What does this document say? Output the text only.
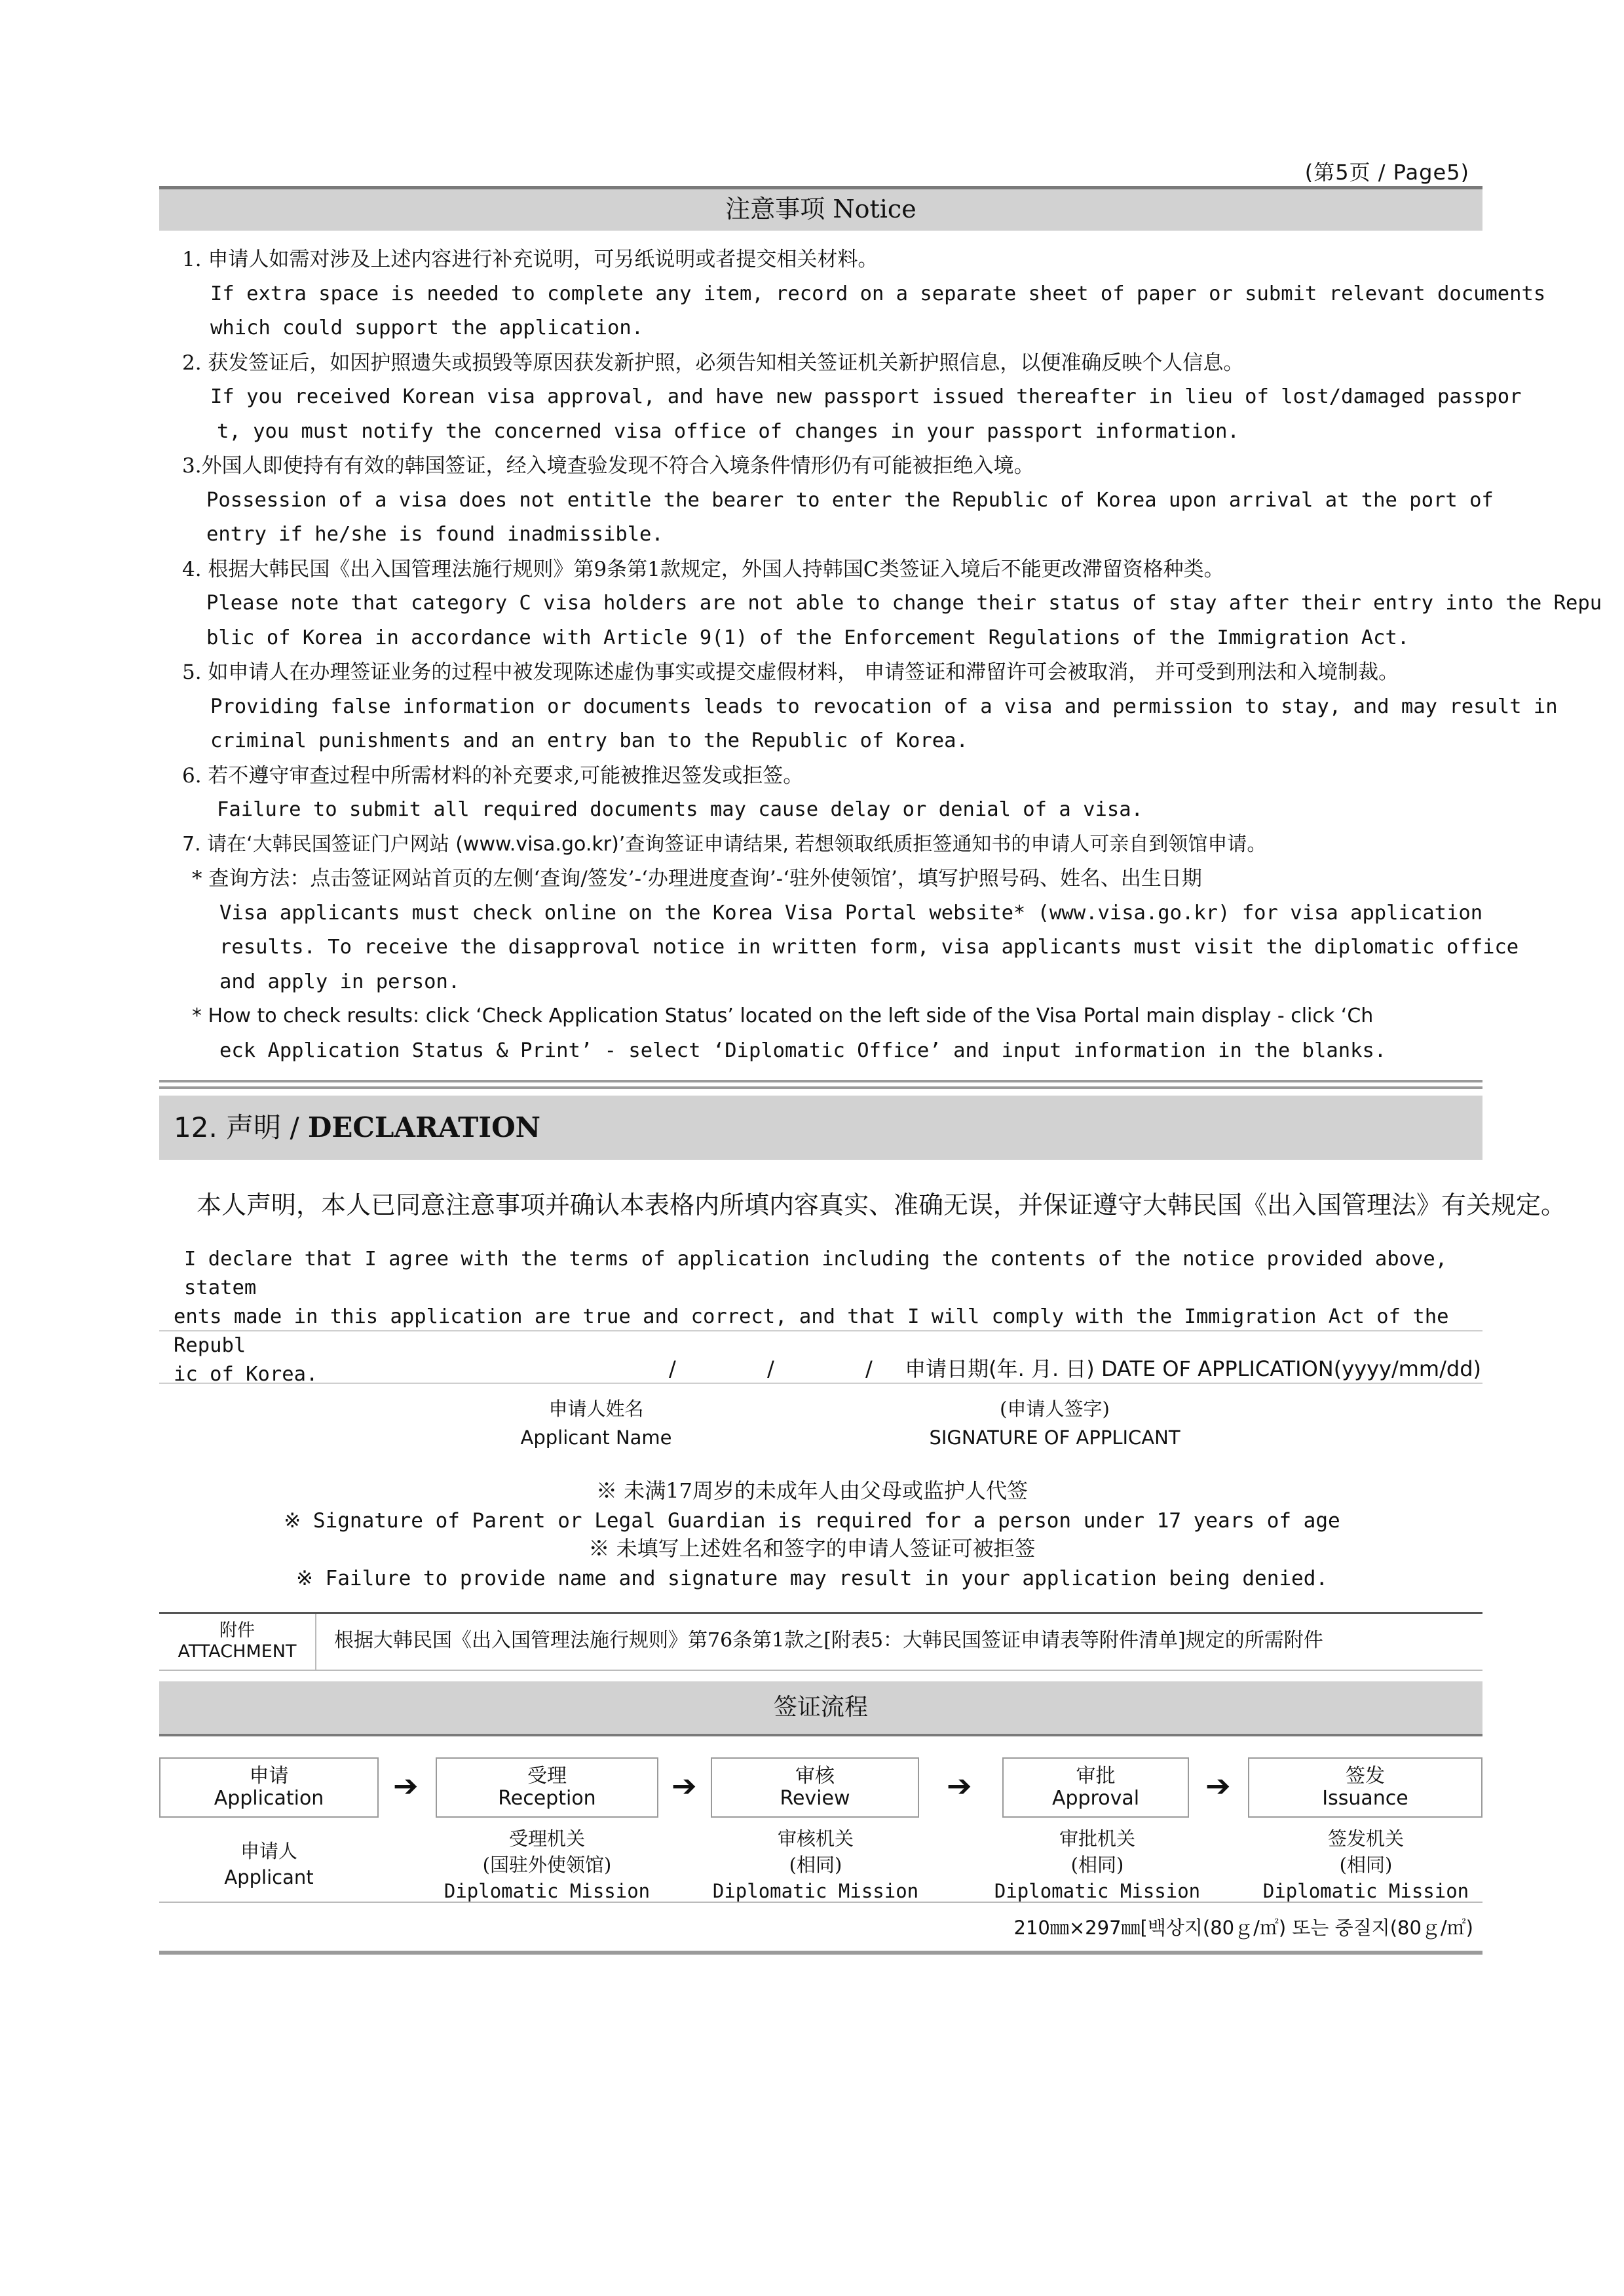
(第5页 / Page5)
注意事项 Notice
1. 申请人如需对涉及上述内容进行补充说明，可另纸说明或者提交相关材料。
If extra space is needed to complete any item, record on a separate sheet of paper or submit relevant documents
which could support the application.
2. 获发签证后，如因护照遗失或损毁等原因获发新护照，必须告知相关签证机关新护照信息，以便准确反映个人信息。
If you received Korean visa approval, and have new passport issued thereafter in lieu of lost/damaged passpor
t, you must notify the concerned visa office of changes in your passport information.
3.外国人即使持有有效的韩国签证，经入境查验发现不符合入境条件情形仍有可能被拒绝入境。
Possession of a visa does not entitle the bearer to enter the Republic of Korea upon arrival at the port of
entry if he/she is found inadmissible.
4. 根据大韩民国《出入国管理法施行规则》第9条第1款规定，外国人持韩国C类签证入境后不能更改滞留资格种类。
Please note that category C visa holders are not able to change their status of stay after their entry into the Repu
blic of Korea in accordance with Article 9(1) of the Enforcement Regulations of the Immigration Act.
5. 如申请人在办理签证业务的过程中被发现陈述虚伪事实或提交虚假材料， 申请签证和滞留许可会被取消， 并可受到刑法和入境制裁。
Providing false information or documents leads to revocation of a visa and permission to stay, and may result in
criminal punishments and an entry ban to the Republic of Korea.
6. 若不遵守审查过程中所需材料的补充要求,可能被推迟签发或拒签。
Failure to submit all required documents may cause delay or denial of a visa.
7. 请在‘大韩民国签证门户网站 (www.visa.go.kr)’查询签证申请结果, 若想领取纸质拒签通知书的申请人可亲自到领馆申请。
* 查询方法：点击签证网站首页的左侧‘查询/签发’-‘办理进度查询’-‘驻外使领馆’，填写护照号码、姓名、出生日期
Visa applicants must check online on the Korea Visa Portal website* (www.visa.go.kr) for visa application
results. To receive the disapproval notice in written form, visa applicants must visit the diplomatic office
and apply in person.
* How to check results: click ‘Check Application Status’ located on the left side of the Visa Portal main display - click ‘Ch
eck Application Status & Print’ - select ‘Diplomatic Office’ and input information in the blanks.
12. 声明 / DECLARATION
本人声明，本人已同意注意事项并确认本表格内所填内容真实、准确无误，并保证遵守大韩民国《出入国管理法》有关规定。
I declare that I agree with the terms of application including the contents of the notice provided above, statem
ents made in this application are true and correct, and that I will comply with the Immigration Act of the Republ
ic of Korea.	/	/	/ 申请日期(年. 月. 日) DATE OF APPLICATION(yyyy/mm/dd)
申请人姓名
Applicant Name
(申请人签字)
SIGNATURE OF APPLICANT
※ 未满17周岁的未成年人由父母或监护人代签
※ Signature of Parent or Legal Guardian is required for a person under 17 years of age
※ 未填写上述姓名和签字的申请人签证可被拒签
※ Failure to provide name and signature may result in your application being denied.
附件
ATTACHMENT	根据大韩民国《出入国管理法施行规则》第76条第1款之[附表5：大韩民国签证申请表等附件清单]规定的所需附件
签证流程
申请
Application	➔	受理
Reception	➔	审核
Review	➔	审批
Approval	➔	签发
Issuance
申请人
Applicant
受理机关
(国驻外使领馆)
Diplomatic Mission
审核机关
(相同)
Diplomatic Mission
审批机关
(相同)
Diplomatic Mission
签发机关
(相同)
Diplomatic Mission
210㎜×297㎜[백상지(80ｇ/㎡) 또는 중질지(80ｇ/㎡)
